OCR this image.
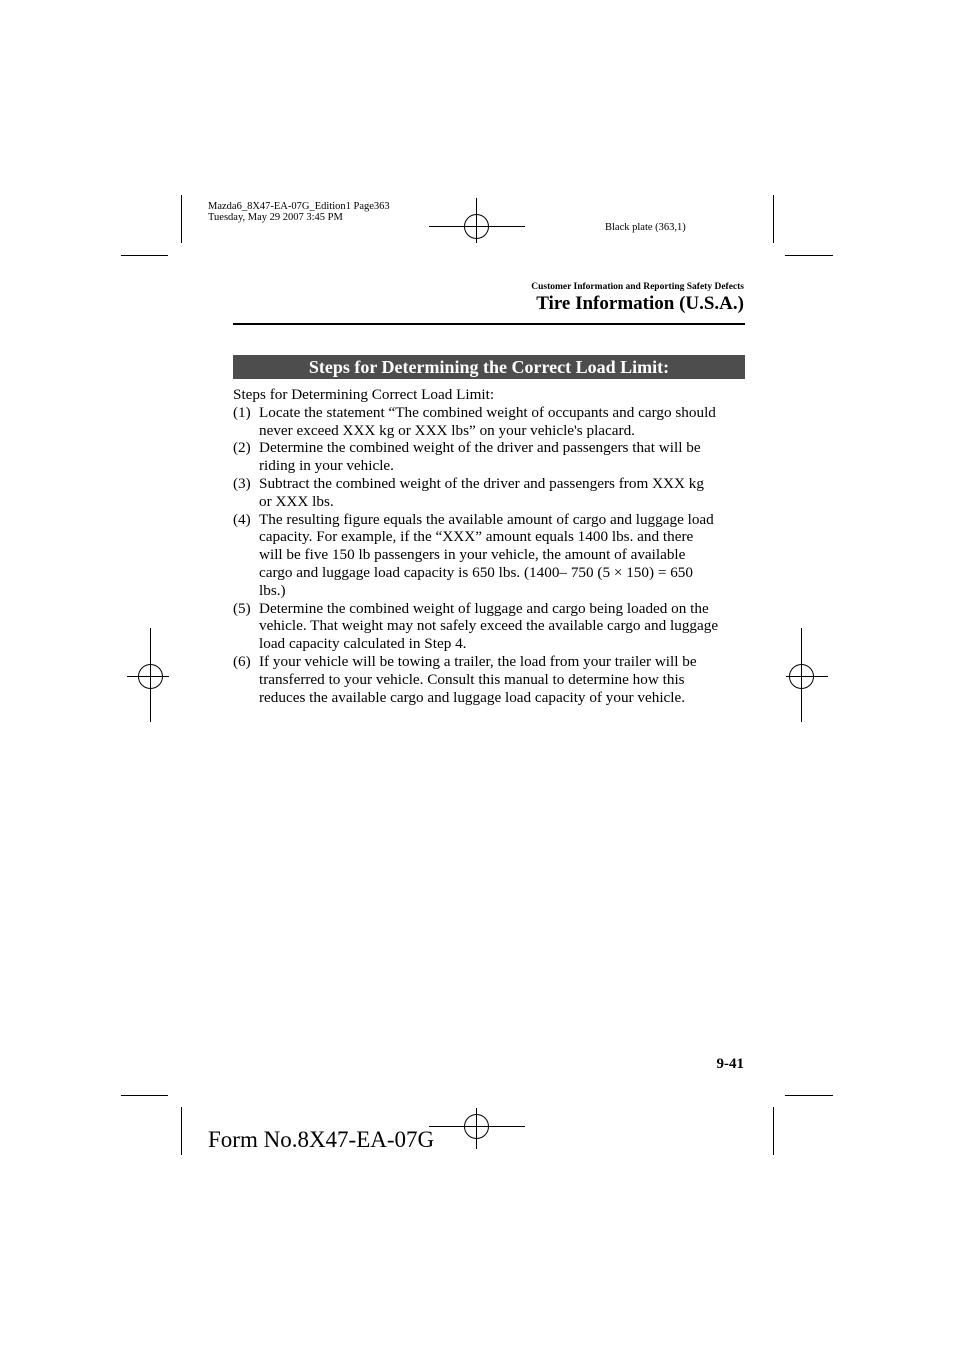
Mazda6_8X47-EA-07G_Edition1 Page363
Tuesday, May 29 2007 3:45 PM
Black plate (363,1)
Customer Information and Reporting Safety Defects
Tire Information (U.S.A.)
Steps for Determining the Correct Load Limit:

Steps for Determining Correct Load Limit:

(1) Locate the statement “The combined weight of occupants and cargo should
never exceed XXX kg or XXX lbs” on your vehicle's placard.
(2) Determine the combined weight of the driver and passengers that will be
riding in your vehicle.
(3) Subtract the combined weight of the driver and passengers from XXX kg
or XXX lbs.
(4) The resulting figure equals the available amount of cargo and luggage load
capacity. For example, if the “XXX” amount equals 1400 lbs. and there
will be five 150 lb passengers in your vehicle, the amount of available
cargo and luggage load capacity is 650 lbs. (1400– 750 (5 × 150) = 650
lbs.)
(5) Determine the combined weight of luggage and cargo being loaded on the
vehicle. That weight may not safely exceed the available cargo and luggage
load capacity calculated in Step 4.
(6) If your vehicle will be towing a trailer, the load from your trailer will be
transferred to your vehicle. Consult this manual to determine how this
reduces the available cargo and luggage load capacity of your vehicle.
9-41
Form No.8X47-EA-07G
